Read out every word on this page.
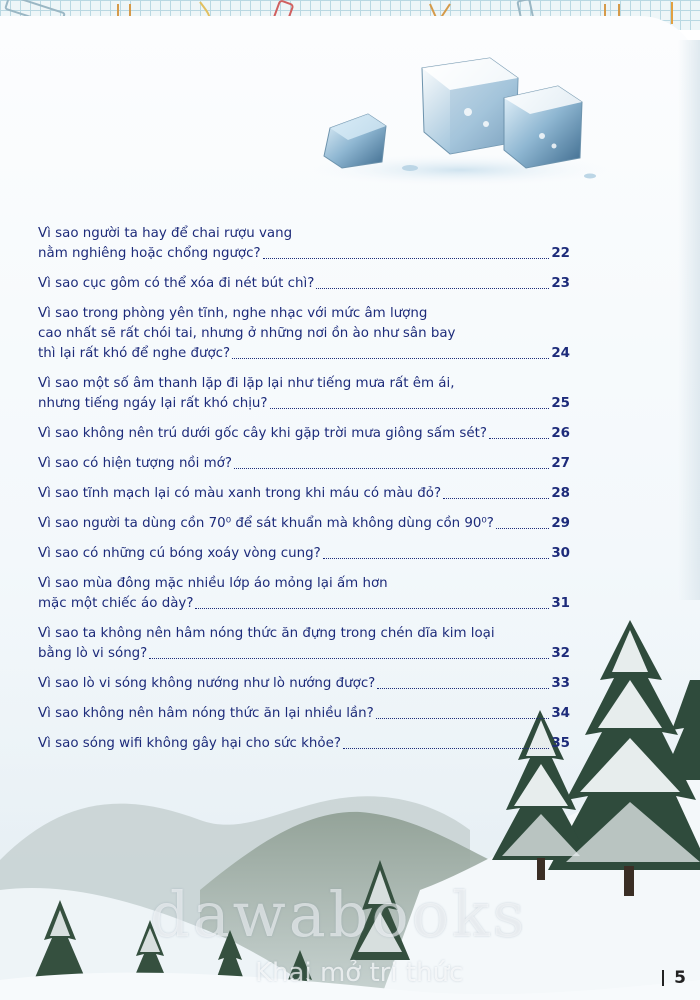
Vì sao người ta hay để chai rượu vang
nằm nghiêng hoặc chổng ngược?	22
Vì sao cục gôm có thể xóa đi nét bút chì?	23
Vì sao trong phòng yên tĩnh, nghe nhạc với mức âm lượng
cao nhất sẽ rất chói tai, nhưng ở những nơi ồn ào như sân bay
thì lại rất khó để nghe được?	24
Vì sao một số âm thanh lặp đi lặp lại như tiếng mưa rất êm ái,
nhưng tiếng ngáy lại rất khó chịu?	25
Vì sao không nên trú dưới gốc cây khi gặp trời mưa giông sấm sét?	26
Vì sao có hiện tượng nồi mớ?	27
Vì sao tĩnh mạch lại có màu xanh trong khi máu có màu đỏ?	28
Vì sao người ta dùng cồn 70⁰ để sát khuẩn mà không dùng cồn 90⁰?	29
Vì sao có những cú bóng xoáy vòng cung?	30
Vì sao mùa đông mặc nhiều lớp áo mỏng lại ấm hơn
mặc một chiếc áo dày?	31
Vì sao ta không nên hâm nóng thức ăn đựng trong chén dĩa kim loại
bằng lò vi sóng?	32
Vì sao lò vi sóng không nướng như lò nướng được?	33
Vì sao không nên hâm nóng thức ăn lại nhiều lần?	34
Vì sao sóng wifi không gây hại cho sức khỏe?	35
dawabooks
Khai mở tri thức	5
